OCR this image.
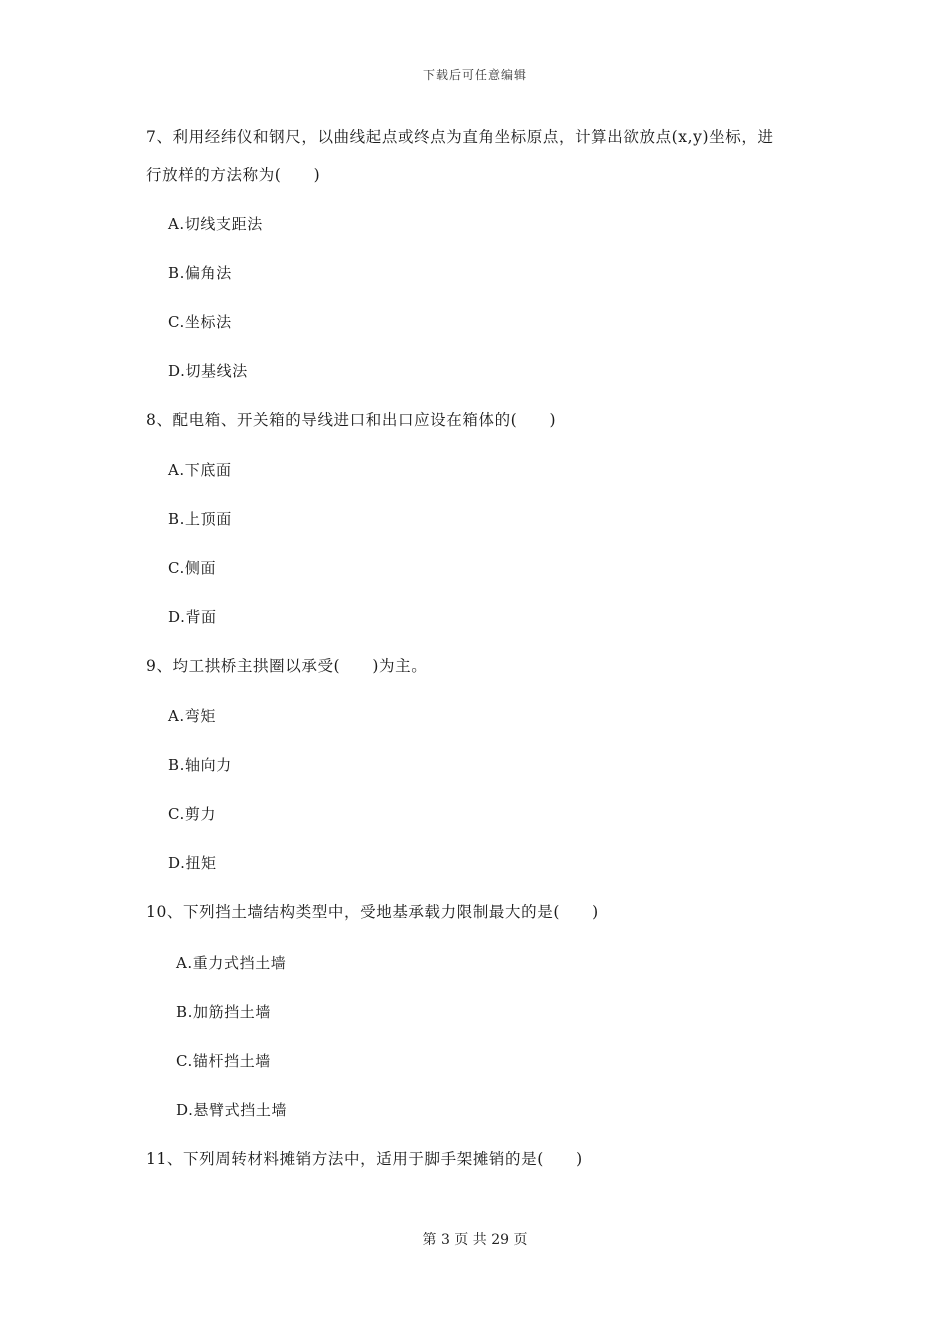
下载后可任意编辑
7、利用经纬仪和钢尺，以曲线起点或终点为直角坐标原点，计算出欲放点(x,y)坐标，进
行放样的方法称为(　　)
A.切线支距法
B.偏角法
C.坐标法
D.切基线法
8、配电箱、开关箱的导线进口和出口应设在箱体的(　　)
A.下底面
B.上顶面
C.侧面
D.背面
9、均工拱桥主拱圈以承受(　　)为主。
A.弯矩
B.轴向力
C.剪力
D.扭矩
10、下列挡土墙结构类型中，受地基承载力限制最大的是(　　)
A.重力式挡土墙
B.加筋挡土墙
C.锚杆挡土墙
D.悬臂式挡土墙
11、下列周转材料摊销方法中，适用于脚手架摊销的是(　　)
第 3 页 共 29 页
